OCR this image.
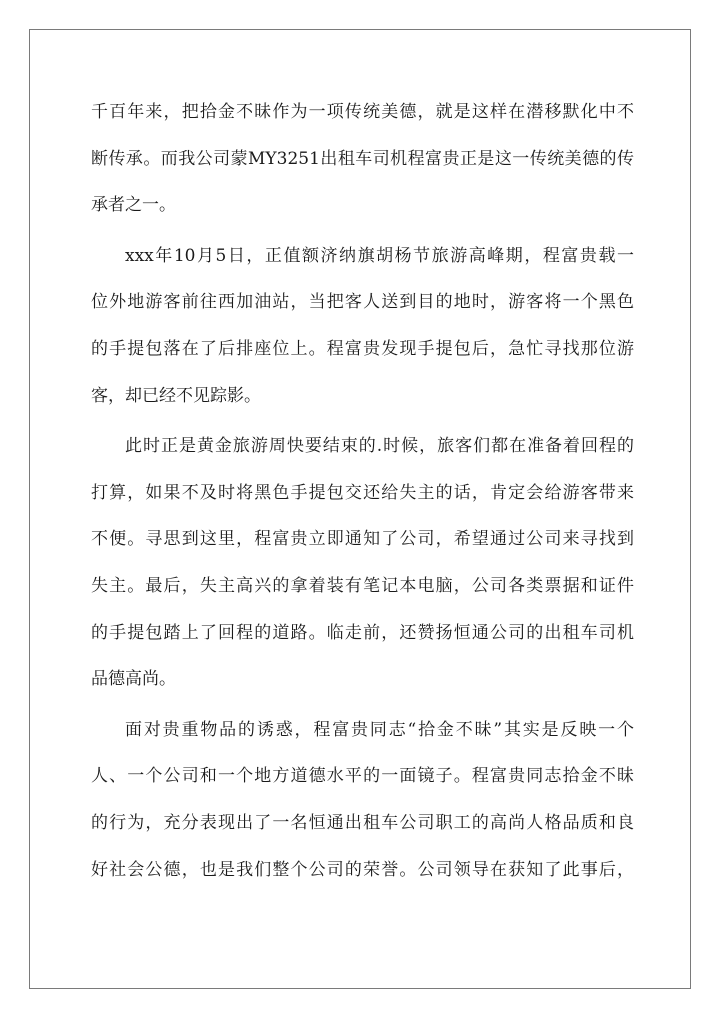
千百年来，把拾金不昧作为一项传统美德，就是这样在潜移默化中不
断传承。而我公司蒙MY3251出租车司机程富贵正是这一传统美德的传
承者之一。
xxx年10月5日，正值额济纳旗胡杨节旅游高峰期，程富贵载一
位外地游客前往西加油站，当把客人送到目的地时，游客将一个黑色
的手提包落在了后排座位上。程富贵发现手提包后，急忙寻找那位游
客，却已经不见踪影。
此时正是黄金旅游周快要结束的.时候，旅客们都在准备着回程的
打算，如果不及时将黑色手提包交还给失主的话，肯定会给游客带来
不便。寻思到这里，程富贵立即通知了公司，希望通过公司来寻找到
失主。最后，失主高兴的拿着装有笔记本电脑，公司各类票据和证件
的手提包踏上了回程的道路。临走前，还赞扬恒通公司的出租车司机
品德高尚。
面对贵重物品的诱惑，程富贵同志“拾金不昧”其实是反映一个
人、一个公司和一个地方道德水平的一面镜子。程富贵同志拾金不昧
的行为，充分表现出了一名恒通出租车公司职工的高尚人格品质和良
好社会公德，也是我们整个公司的荣誉。公司领导在获知了此事后，
